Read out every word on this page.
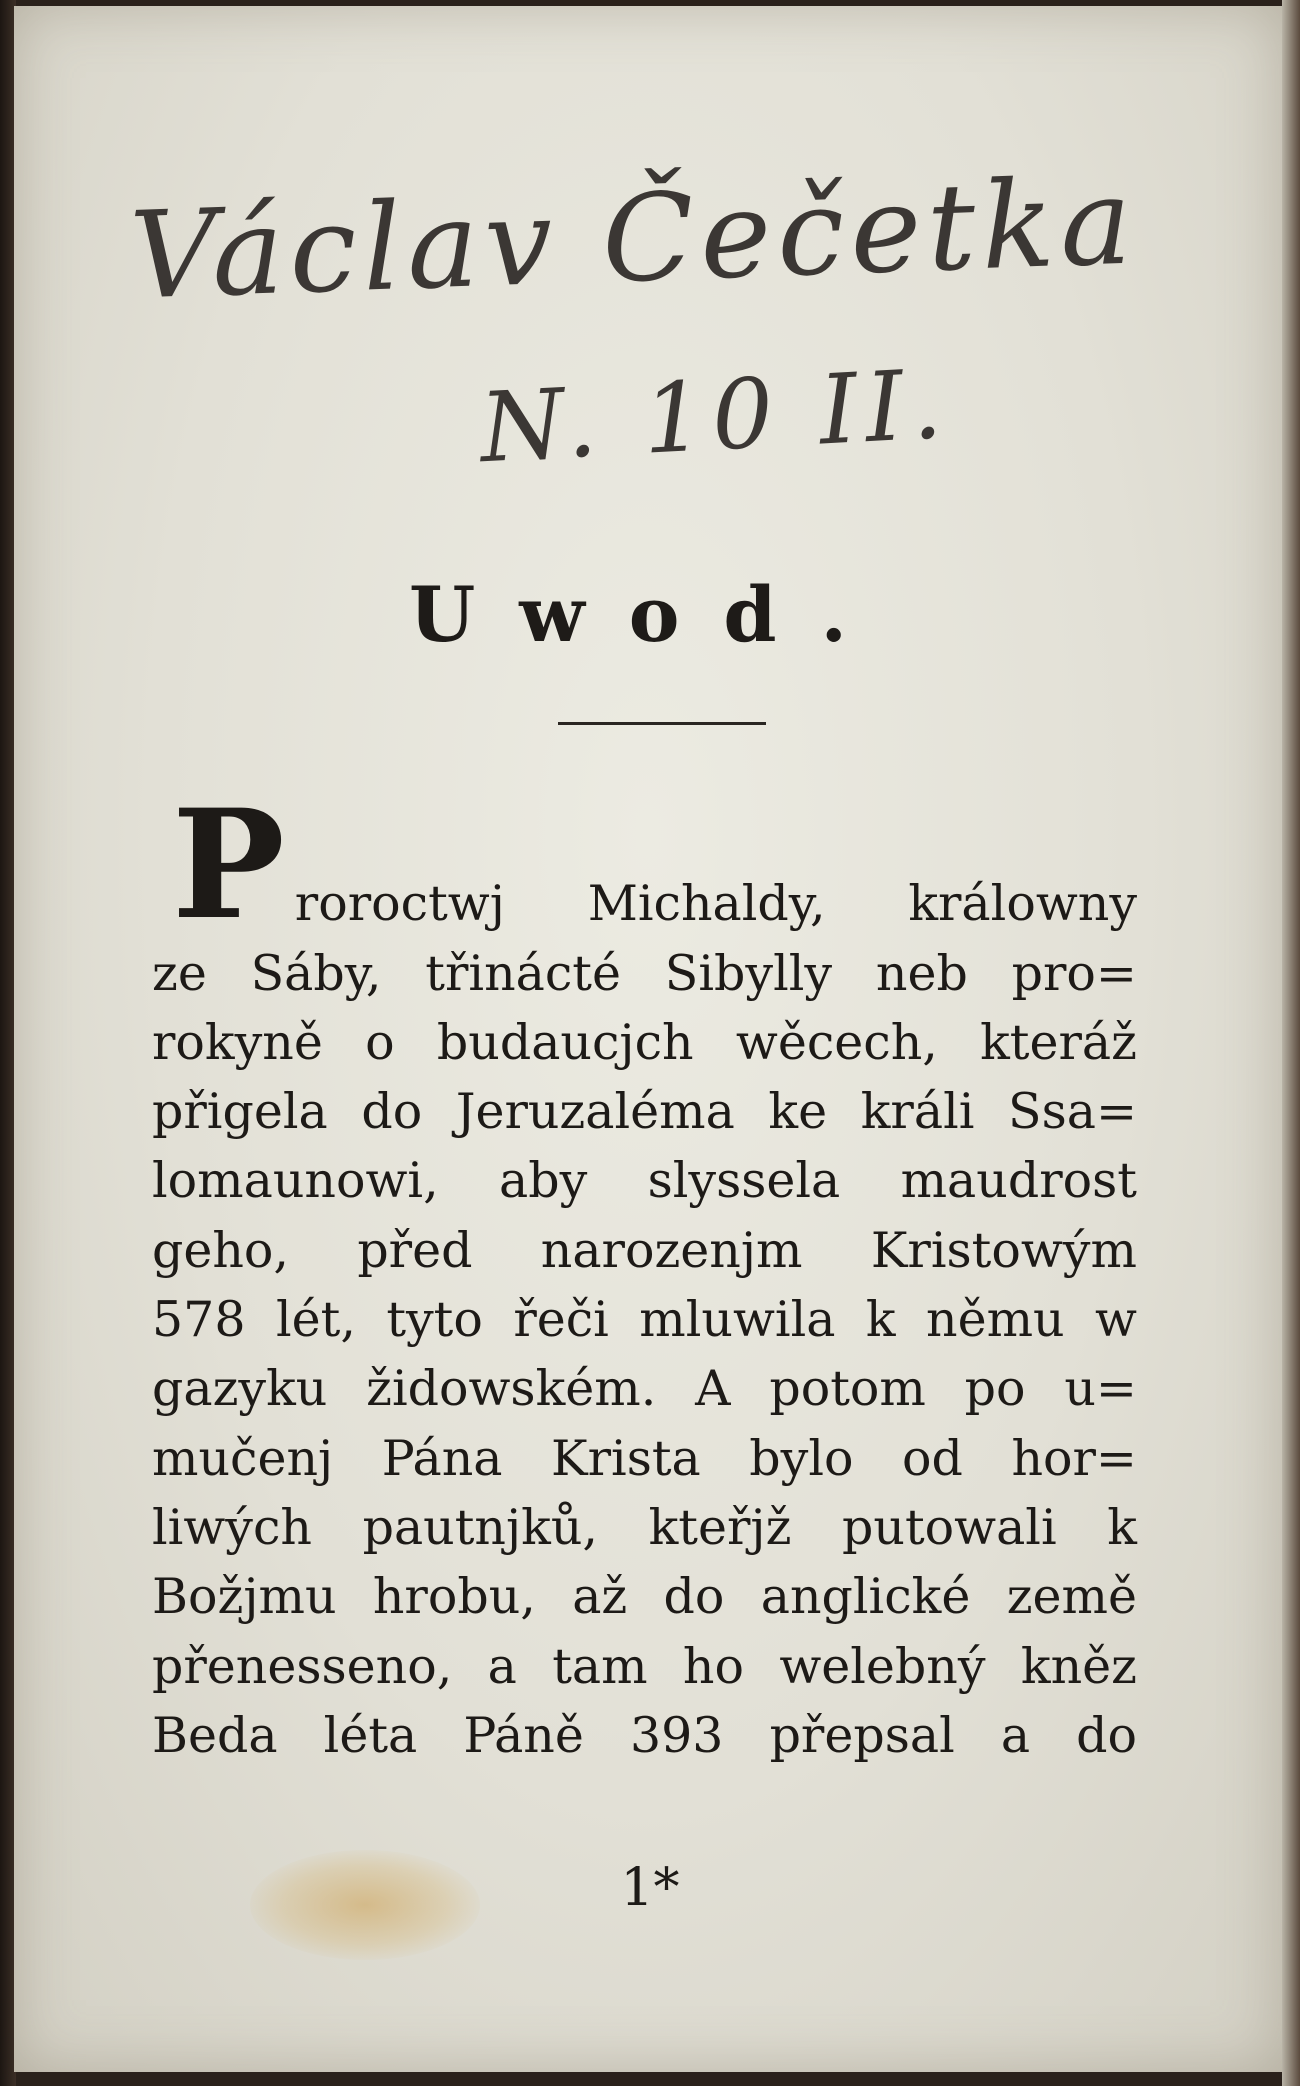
Václav Čečetka
N. 10 II.
Uwod.
P roroctwj Michaldy, králowny
ze Sáby, třinácté Sibylly neb pro=
rokyně o budaucjch wěcech, kteráž
přigela do Jeruzaléma ke králi Ssa=
lomaunowi, aby slyssela maudrost
geho, před narozenjm Kristowým
578 lét, tyto řeči mluwila k němu w
gazyku židowském. A potom po u=
mučenj Pána Krista bylo od hor=
liwých pautnjků, kteřjž putowali k
Božjmu hrobu, až do anglické země
přenesseno, a tam ho welebný kněz
Beda léta Páně 393 přepsal a do
1*
